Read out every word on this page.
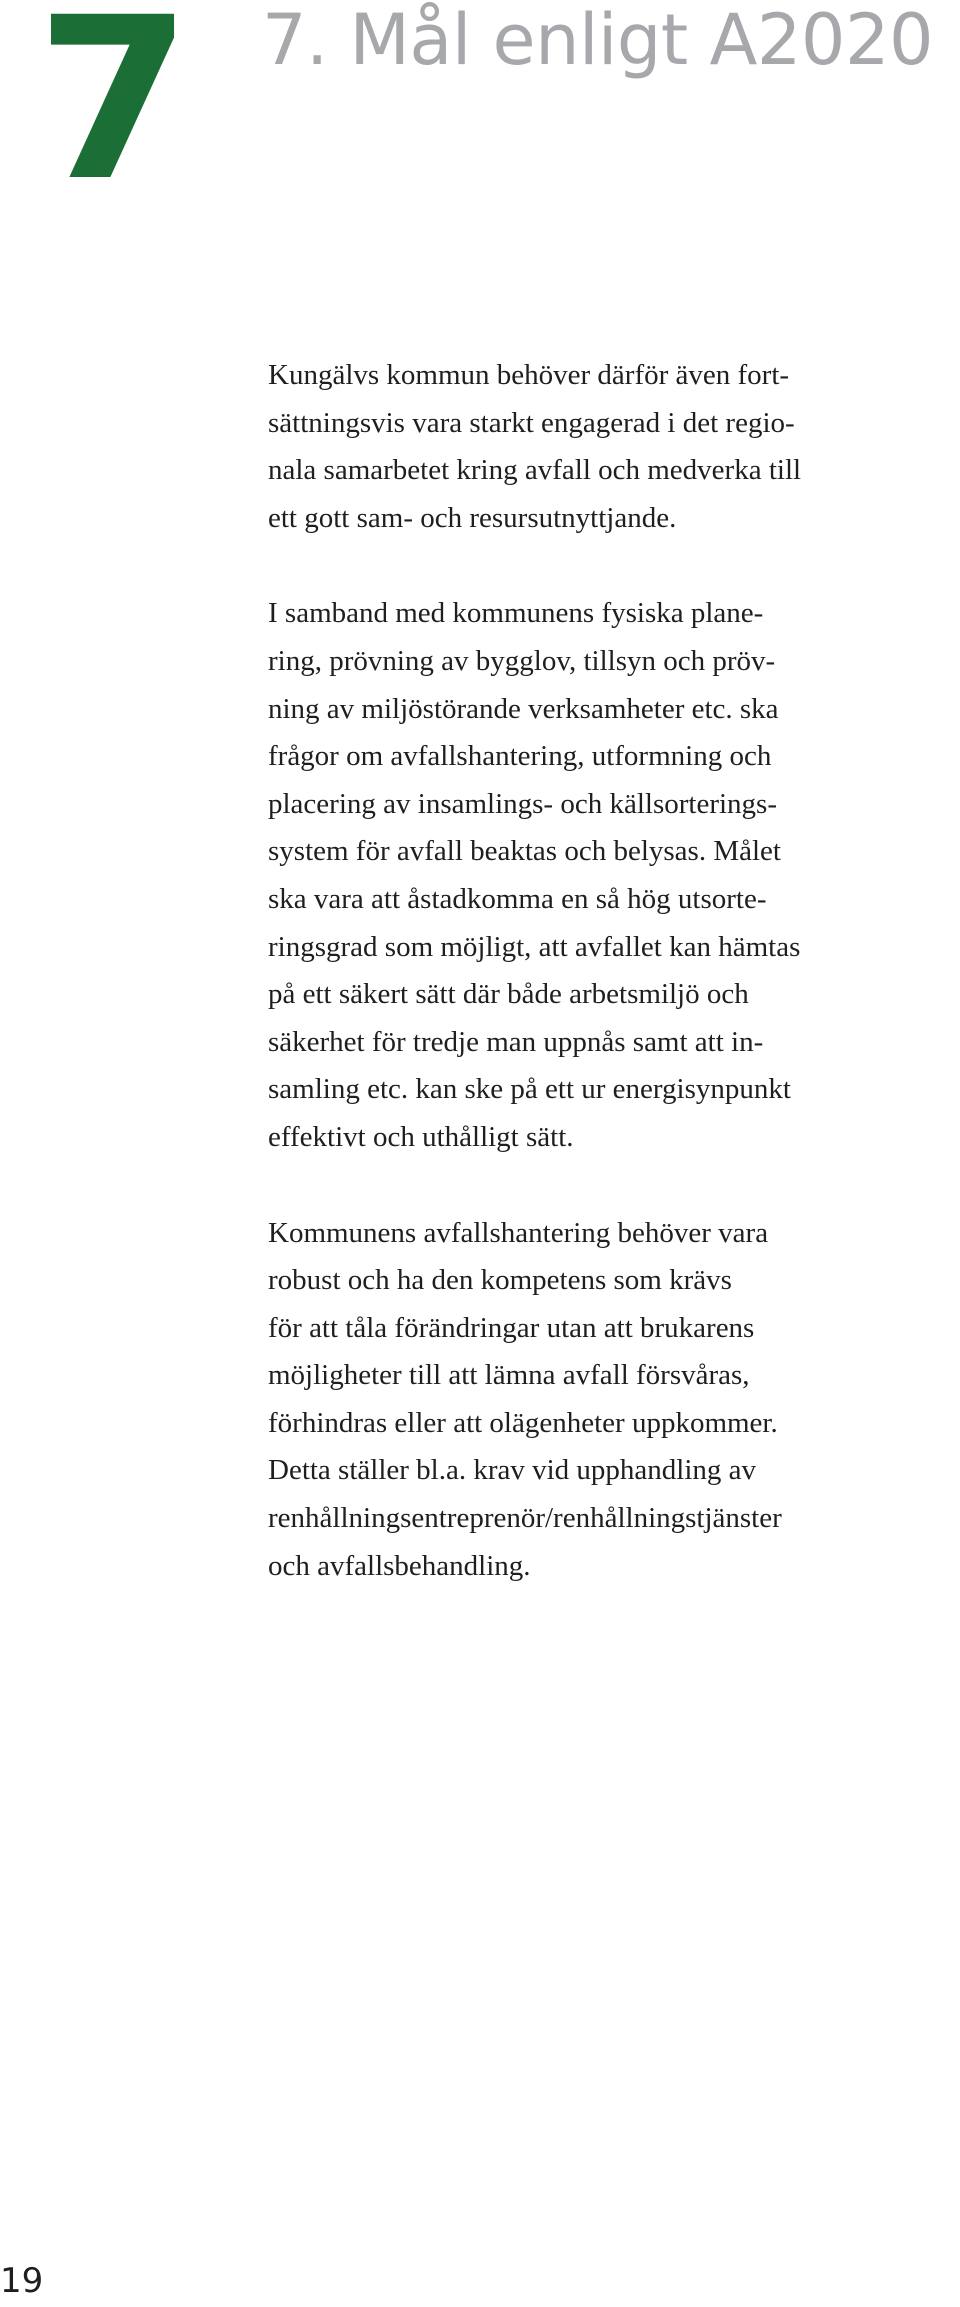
7 7. Mål enligt A2020

Kungälvs kommun behöver därför även fort-
sättningsvis vara starkt engagerad i det regio-
nala samarbetet kring avfall och medverka till
ett gott sam- och resursutnyttjande.

I samband med kommunens fysiska plane-
ring, prövning av bygglov, tillsyn och pröv-
ning av miljöstörande verksamheter etc. ska
frågor om avfallshantering, utformning och
placering av insamlings- och källsorterings-
system för avfall beaktas och belysas. Målet
ska vara att åstadkomma en så hög utsorte-
ringsgrad som möjligt, att avfallet kan hämtas
på ett säkert sätt där både arbetsmiljö och
säkerhet för tredje man uppnås samt att in-
samling etc. kan ske på ett ur energisynpunkt
effektivt och uthålligt sätt.

Kommunens avfallshantering behöver vara
robust och ha den kompetens som krävs
för att tåla förändringar utan att brukarens
möjligheter till att lämna avfall försvåras,
förhindras eller att olägenheter uppkommer.
Detta ställer bl.a. krav vid upphandling av
renhållningsentreprenör/renhållningstjänster
och avfallsbehandling.

19
